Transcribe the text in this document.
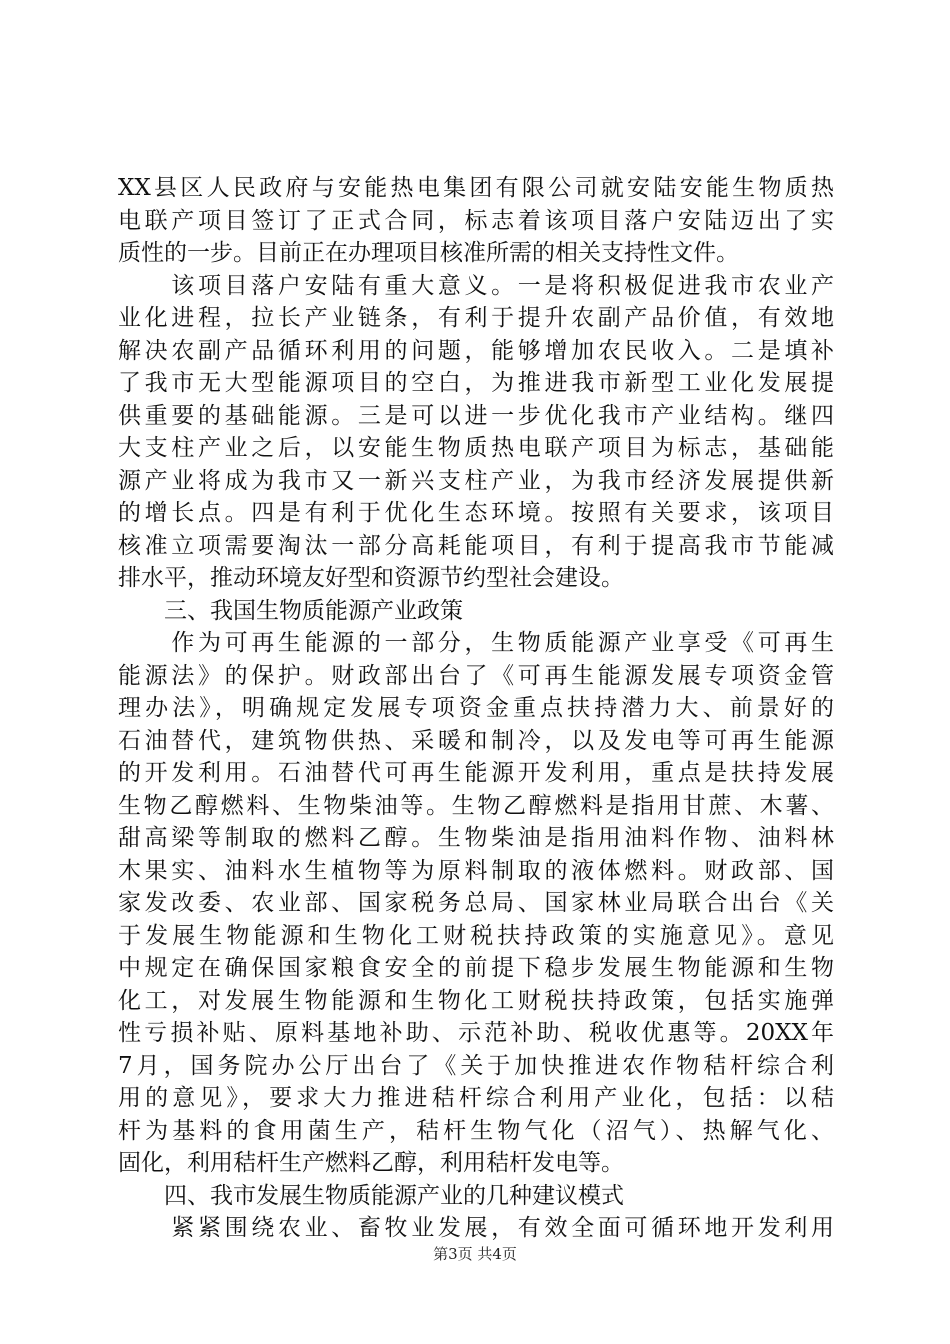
XX县区人民政府与安能热电集团有限公司就安陆安能生物质热
电联产项目签订了正式合同，标志着该项目落户安陆迈出了实
质性的一步。目前正在办理项目核准所需的相关支持性文件。
　　该项目落户安陆有重大意义。一是将积极促进我市农业产
业化进程，拉长产业链条，有利于提升农副产品价值，有效地
解决农副产品循环利用的问题，能够增加农民收入。二是填补
了我市无大型能源项目的空白，为推进我市新型工业化发展提
供重要的基础能源。三是可以进一步优化我市产业结构。继四
大支柱产业之后，以安能生物质热电联产项目为标志，基础能
源产业将成为我市又一新兴支柱产业，为我市经济发展提供新
的增长点。四是有利于优化生态环境。按照有关要求，该项目
核准立项需要淘汰一部分高耗能项目，有利于提高我市节能减
排水平，推动环境友好型和资源节约型社会建设。
　　三、我国生物质能源产业政策
　　作为可再生能源的一部分，生物质能源产业享受《可再生
能源法》的保护。财政部出台了《可再生能源发展专项资金管
理办法》，明确规定发展专项资金重点扶持潜力大、前景好的
石油替代，建筑物供热、采暖和制冷，以及发电等可再生能源
的开发利用。石油替代可再生能源开发利用，重点是扶持发展
生物乙醇燃料、生物柴油等。生物乙醇燃料是指用甘蔗、木薯、
甜高梁等制取的燃料乙醇。生物柴油是指用油料作物、油料林
木果实、油料水生植物等为原料制取的液体燃料。财政部、国
家发改委、农业部、国家税务总局、国家林业局联合出台《关
于发展生物能源和生物化工财税扶持政策的实施意见》。意见
中规定在确保国家粮食安全的前提下稳步发展生物能源和生物
化工，对发展生物能源和生物化工财税扶持政策，包括实施弹
性亏损补贴、原料基地补助、示范补助、税收优惠等。20XX年
7月，国务院办公厅出台了《关于加快推进农作物秸杆综合利
用的意见》，要求大力推进秸杆综合利用产业化，包括：以秸
杆为基料的食用菌生产，秸杆生物气化（沼气）、热解气化、
固化，利用秸杆生产燃料乙醇，利用秸杆发电等。
　　四、我市发展生物质能源产业的几种建议模式
　　紧紧围绕农业、畜牧业发展，有效全面可循环地开发利用
第3页 共4页
